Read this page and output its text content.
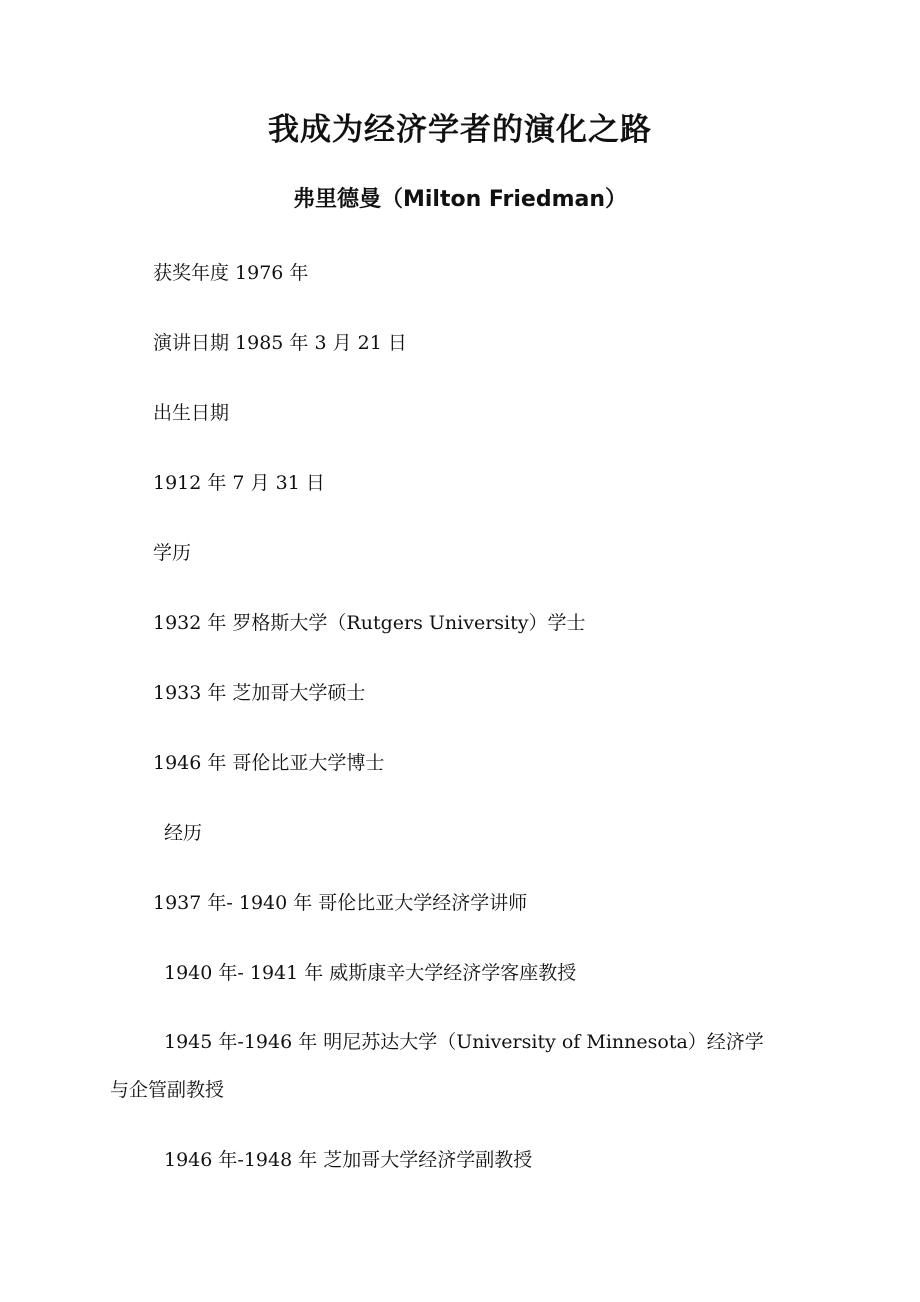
我成为经济学者的演化之路
弗里德曼（Milton Friedman）
获奖年度 1976 年
演讲日期 1985 年 3 月 21 日
出生日期
1912 年 7 月 31 日
学历
1932 年 罗格斯大学（Rutgers University）学士
1933 年 芝加哥大学硕士
1946 年 哥伦比亚大学博士
经历
1937 年- 1940 年 哥伦比亚大学经济学讲师
1940 年- 1941 年 威斯康辛大学经济学客座教授
1945 年-1946 年 明尼苏达大学（University of Minnesota）经济学
与企管副教授
1946 年-1948 年 芝加哥大学经济学副教授
